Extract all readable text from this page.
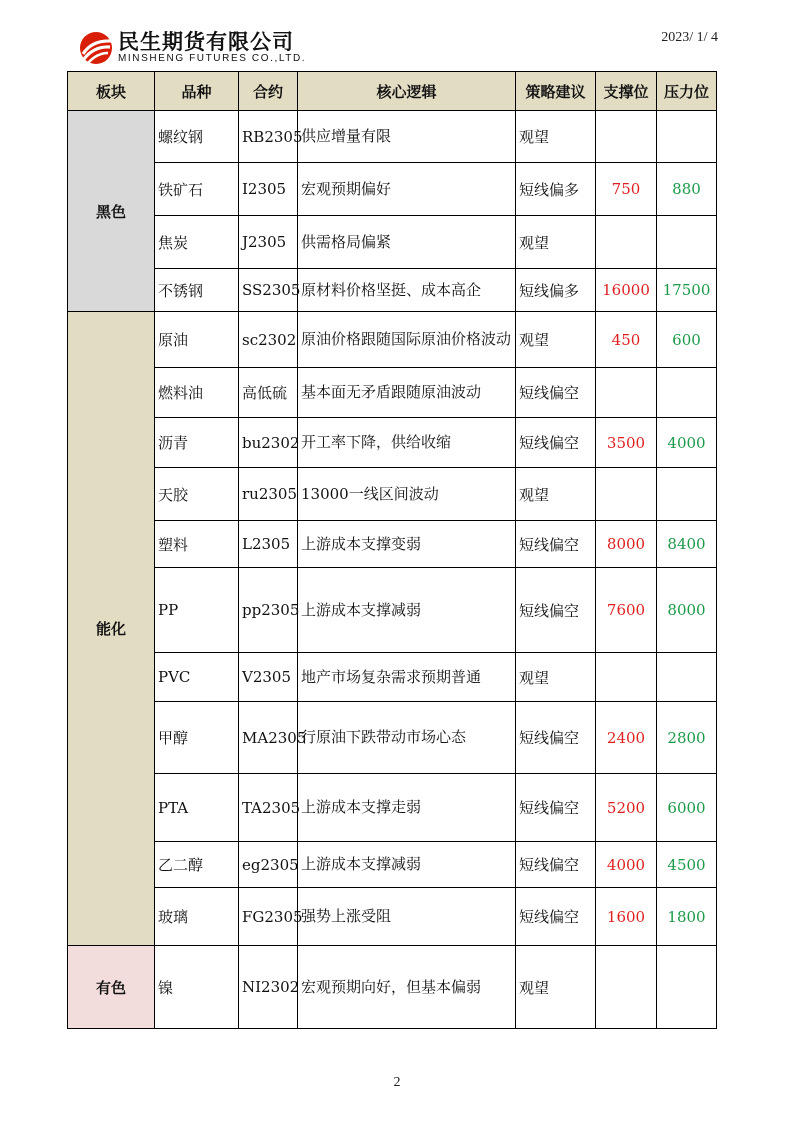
民生期货有限公司
MINSHENG FUTURES CO.,LTD.
2023/ 1/ 4
板块	品种	合约	核心逻辑	策略建议	支撑位	压力位
黑色	螺纹钢	RB2305	供应增量有限	观望		
	铁矿石	I2305	宏观预期偏好	短线偏多	750	880
	焦炭	J2305	供需格局偏紧	观望		
	不锈钢	SS2305	原材料价格坚挺、成本高企	短线偏多	16000	17500
能化	原油	sc2302	原油价格跟随国际原油价格波动	观望	450	600
	燃料油	高低硫	基本面无矛盾跟随原油波动	短线偏空		
	沥青	bu2302	开工率下降，供给收缩	短线偏空	3500	4000
	天胶	ru2305	13000一线区间波动	观望		
	塑料	L2305	上游成本支撑变弱	短线偏空	8000	8400
	PP	pp2305	上游成本支撑减弱	短线偏空	7600	8000
	PVC	V2305	地产市场复杂需求预期普通	观望		
	甲醇	MA2305	行原油下跌带动市场心态	短线偏空	2400	2800
	PTA	TA2305	上游成本支撑走弱	短线偏空	5200	6000
	乙二醇	eg2305	上游成本支撑减弱	短线偏空	4000	4500
	玻璃	FG2305	强势上涨受阻	短线偏空	1600	1800
有色	镍	NI2302	宏观预期向好，但基本偏弱	观望		
2
